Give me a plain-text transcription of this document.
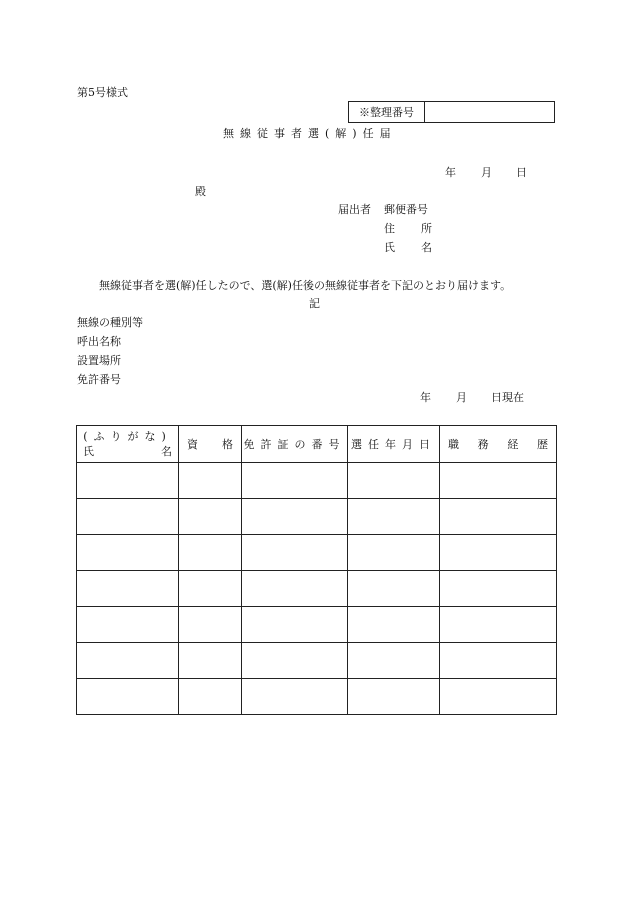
第5号様式
※整理番号
無線従事者選(解)任届
年 月 日
殿
届出者 郵便番号
住 所
氏 名
無線従事者を選(解)任したので、選(解)任後の無線従事者を下記のとおり届けます。
記
無線の種別等
呼出名称
設置場所
免許番号
年 月 日現在
(ふりがな)
氏 名	資 格	免許証の番号	選任年月日	職 務 経 歴
